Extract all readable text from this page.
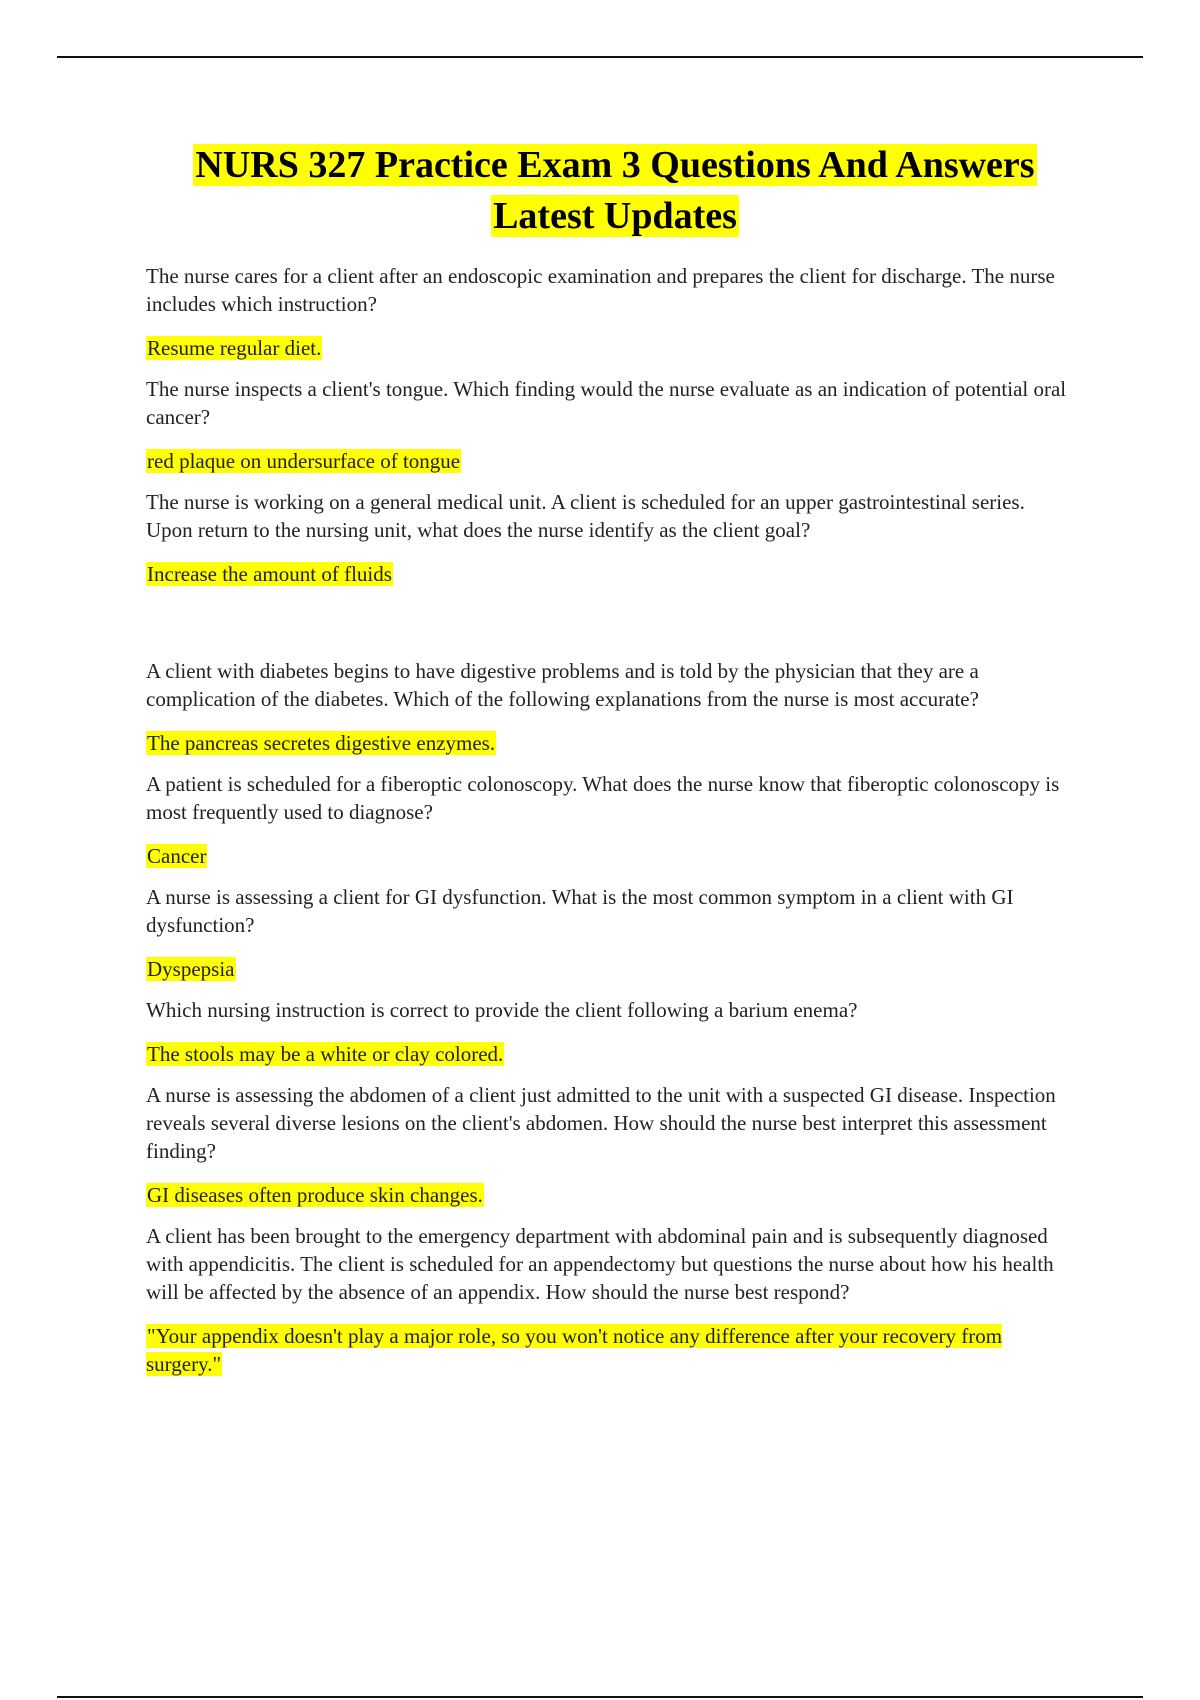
NURS 327 Practice Exam 3 Questions And Answers
Latest Updates

The nurse cares for a client after an endoscopic examination and prepares the client for discharge. The nurse includes which instruction?

Resume regular diet.

The nurse inspects a client's tongue. Which finding would the nurse evaluate as an indication of potential oral cancer?

red plaque on undersurface of tongue

The nurse is working on a general medical unit. A client is scheduled for an upper gastrointestinal series. Upon return to the nursing unit, what does the nurse identify as the client goal?

Increase the amount of fluids

A client with diabetes begins to have digestive problems and is told by the physician that they are a complication of the diabetes. Which of the following explanations from the nurse is most accurate?

The pancreas secretes digestive enzymes.

A patient is scheduled for a fiberoptic colonoscopy. What does the nurse know that fiberoptic colonoscopy is most frequently used to diagnose?

Cancer

A nurse is assessing a client for GI dysfunction. What is the most common symptom in a client with GI dysfunction?

Dyspepsia

Which nursing instruction is correct to provide the client following a barium enema?

The stools may be a white or clay colored.

A nurse is assessing the abdomen of a client just admitted to the unit with a suspected GI disease. Inspection reveals several diverse lesions on the client's abdomen. How should the nurse best interpret this assessment finding?

GI diseases often produce skin changes.

A client has been brought to the emergency department with abdominal pain and is subsequently diagnosed with appendicitis. The client is scheduled for an appendectomy but questions the nurse about how his health will be affected by the absence of an appendix. How should the nurse best respond?

"Your appendix doesn't play a major role, so you won't notice any difference after your recovery from surgery."
